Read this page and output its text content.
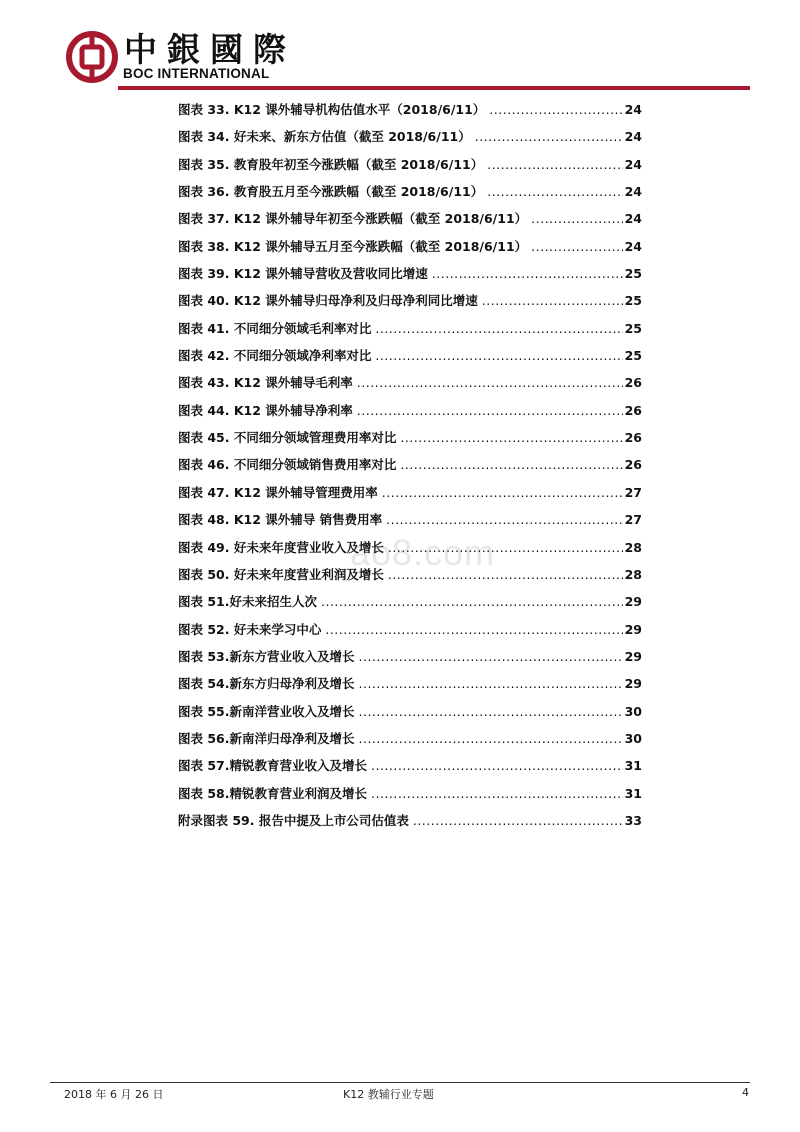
中銀國際
BOC INTERNATIONAL
图表 33. K12 课外辅导机构估值水平（2018/6/11） .....	24
图表 34. 好未来、新东方估值（截至 2018/6/11） .....	24
图表 35. 教育股年初至今涨跌幅（截至 2018/6/11） .....	24
图表 36. 教育股五月至今涨跌幅（截至 2018/6/11） .....	24
图表 37. K12 课外辅导年初至今涨跌幅（截至 2018/6/11） .....	24
图表 38. K12 课外辅导五月至今涨跌幅（截至 2018/6/11） .....	24
图表 39. K12 课外辅导营收及营收同比增速 .....	25
图表 40. K12 课外辅导归母净利及归母净利同比增速 .....	25
图表 41. 不同细分领域毛利率对比 .....	25
图表 42. 不同细分领域净利率对比 .....	25
图表 43. K12 课外辅导毛利率 .....	26
图表 44. K12 课外辅导净利率 .....	26
图表 45. 不同细分领域管理费用率对比 .....	26
图表 46. 不同细分领域销售费用率对比 .....	26
图表 47. K12 课外辅导管理费用率 .....	27
图表 48. K12 课外辅导 销售费用率 .....	27
图表 49. 好未来年度营业收入及增长 .....	28
图表 50. 好未来年度营业利润及增长 .....	28
图表 51.好未来招生人次 .....	29
图表 52. 好未来学习中心 .....	29
图表 53.新东方营业收入及增长 .....	29
图表 54.新东方归母净利及增长 .....	29
图表 55.新南洋营业收入及增长 .....	30
图表 56.新南洋归母净利及增长 .....	30
图表 57.精锐教育营业收入及增长 .....	31
图表 58.精锐教育营业利润及增长 .....	31
附录图表 59. 报告中提及上市公司估值表 .....	33
ao8.com
2018 年 6 月 26 日	K12 教辅行业专题	4
